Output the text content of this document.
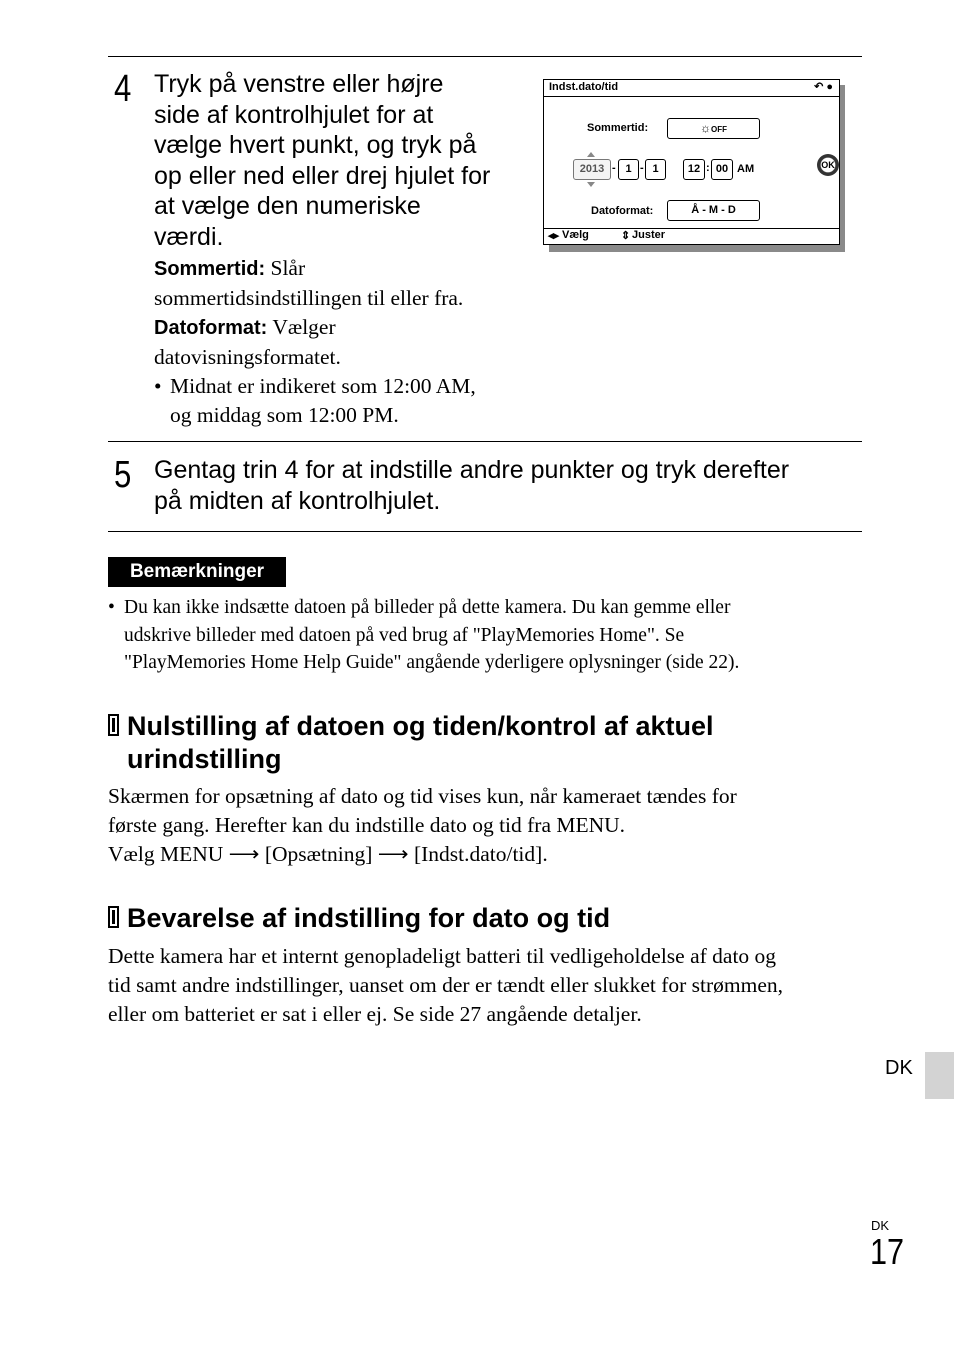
4 Tryk på venstre eller højre
side af kontrolhjulet for at
vælge hvert punkt, og tryk på
op eller ned eller drej hjulet for
at vælge den numeriske
værdi.
Sommertid: Slår
sommertidsindstillingen til eller fra.
Datoformat: Vælger
datovisningsformatet.
• Midnat er indikeret som 12:00 AM,
og middag som 12:00 PM.
Indst.dato/tid	↶ ●
Sommertid:	☼OFF
2013 - 1 - 1	12 : 00 AM	OK
Datoformat:	Å - M - D
◂▸ Vælg	⇕ Juster
5 Gentag trin 4 for at indstille andre punkter og tryk derefter
på midten af kontrolhjulet.
Bemærkninger
• Du kan ikke indsætte datoen på billeder på dette kamera. Du kan gemme eller
udskrive billeder med datoen på ved brug af "PlayMemories Home". Se
"PlayMemories Home Help Guide" angående yderligere oplysninger (side 22).
Nulstilling af datoen og tiden/kontrol af aktuel
urindstilling
Skærmen for opsætning af dato og tid vises kun, når kameraet tændes for
første gang. Herefter kan du indstille dato og tid fra MENU.
Vælg MENU ⟶ [Opsætning] ⟶ [Indst.dato/tid].
Bevarelse af indstilling for dato og tid
Dette kamera har et internt genopladeligt batteri til vedligeholdelse af dato og
tid samt andre indstillinger, uanset om der er tændt eller slukket for strømmen,
eller om batteriet er sat i eller ej. Se side 27 angående detaljer.
DK
DK
17
